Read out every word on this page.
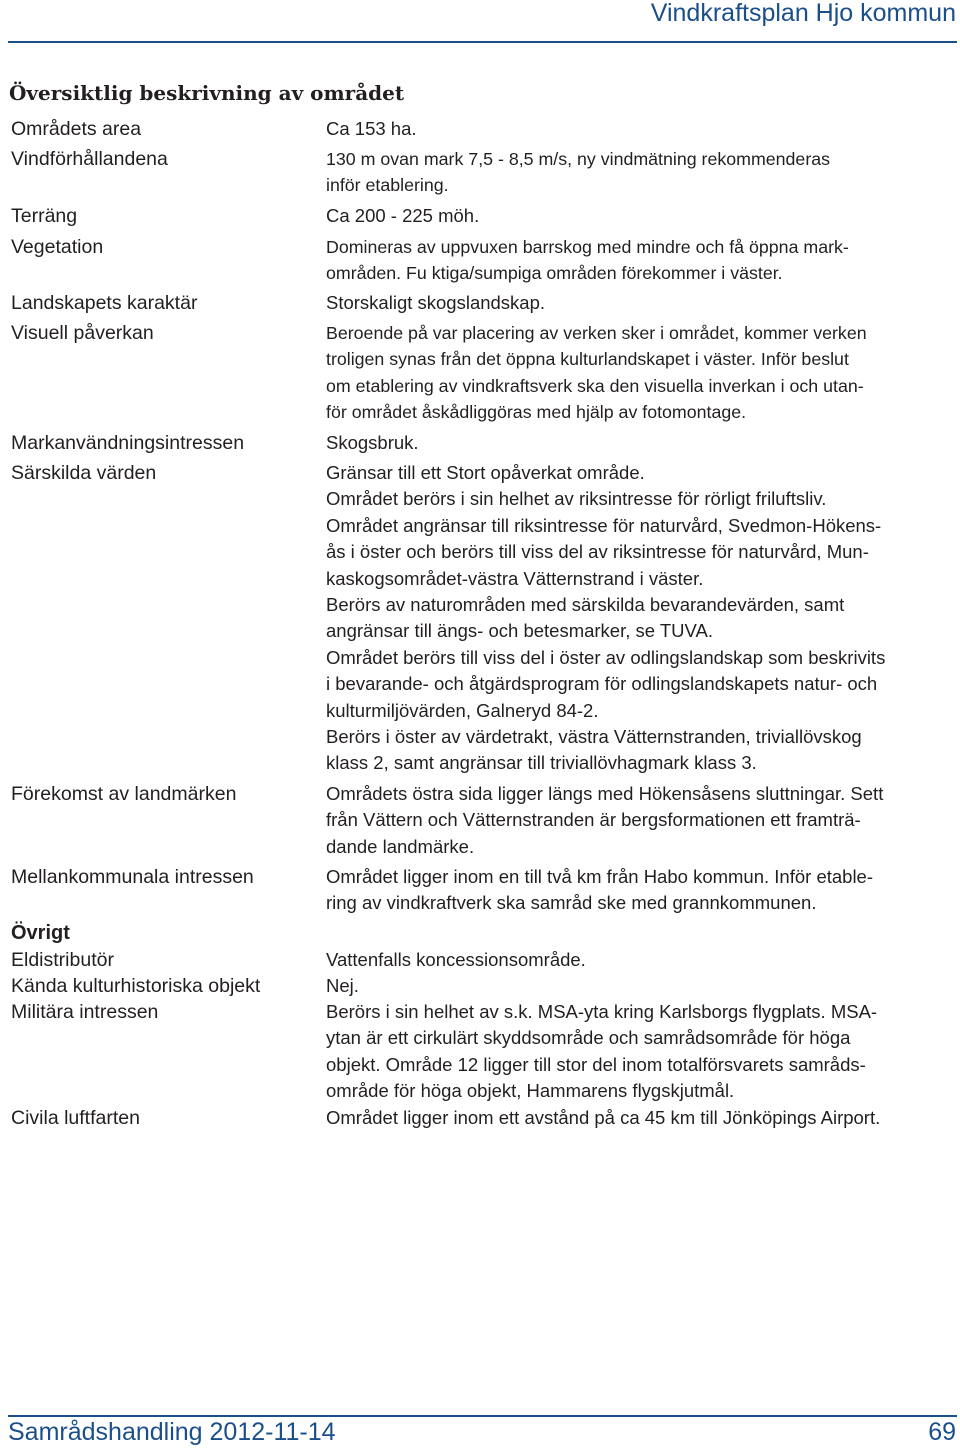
Vindkraftsplan Hjo kommun
Översiktlig beskrivning av området
Områdets area
Vindförhållandena
Terräng
Vegetation
Landskapets karaktär
Visuell påverkan
Markanvändningsintressen
Särskilda värden
Förekomst av landmärken
Mellankommunala intressen
Övrigt
Eldistributör
Kända kulturhistoriska objekt
Militära intressen
Civila luftfarten

Ca 153 ha.

130 m ovan mark 7,5 - 8,5 m/s, ny vindmätning rekommenderas

inför etablering.

Ca 200 - 225 möh.

Domineras av uppvuxen barrskog med mindre och få öppna mark-

områden. Fu ktiga/sumpiga områden förekommer i väster.

Storskaligt skogslandskap.

Beroende på var placering av verken sker i området, kommer verken

troligen synas från det öppna kulturlandskapet i väster. Inför beslut

om etablering av vindkraftsverk ska den visuella inverkan i och utan-

för området åskådliggöras med hjälp av fotomontage.

Skogsbruk.

Gränsar till ett Stort opåverkat område.

Området berörs i sin helhet av riksintresse för rörligt friluftsliv.

Området angränsar till riksintresse för naturvård, Svedmon-Hökens-

ås i öster och berörs till viss del av riksintresse för naturvård, Mun-

kaskogsområdet-västra Vätternstrand i väster.

Berörs av naturområden med särskilda bevarandevärden, samt

angränsar till ängs- och betesmarker, se TUVA.

Området berörs till viss del i öster av odlingslandskap som beskrivits

i bevarande- och åtgärdsprogram för odlingslandskapets natur- och

kulturmiljövärden, Galneryd 84-2.

Berörs i öster av värdetrakt, västra Vätternstranden, triviallövskog

klass 2, samt angränsar till triviallövhagmark klass 3.

Områdets östra sida ligger längs med Hökensåsens sluttningar. Sett

från Vättern och Vätternstranden är bergsformationen ett framträ-

dande landmärke.

Området ligger inom en till två km från Habo kommun. Inför etable-

ring av vindkraftverk ska samråd ske med grannkommunen.

Vattenfalls koncessionsområde.

Nej.

Berörs i sin helhet av s.k. MSA-yta kring Karlsborgs flygplats. MSA-

ytan är ett cirkulärt skyddsområde och samrådsområde för höga

objekt. Område 12 ligger till stor del inom totalförsvarets samråds-

område för höga objekt, Hammarens flygskjutmål.

Området ligger inom ett avstånd på ca 45 km till Jönköpings Airport.

Samrådshandling 2012-11-14	69
